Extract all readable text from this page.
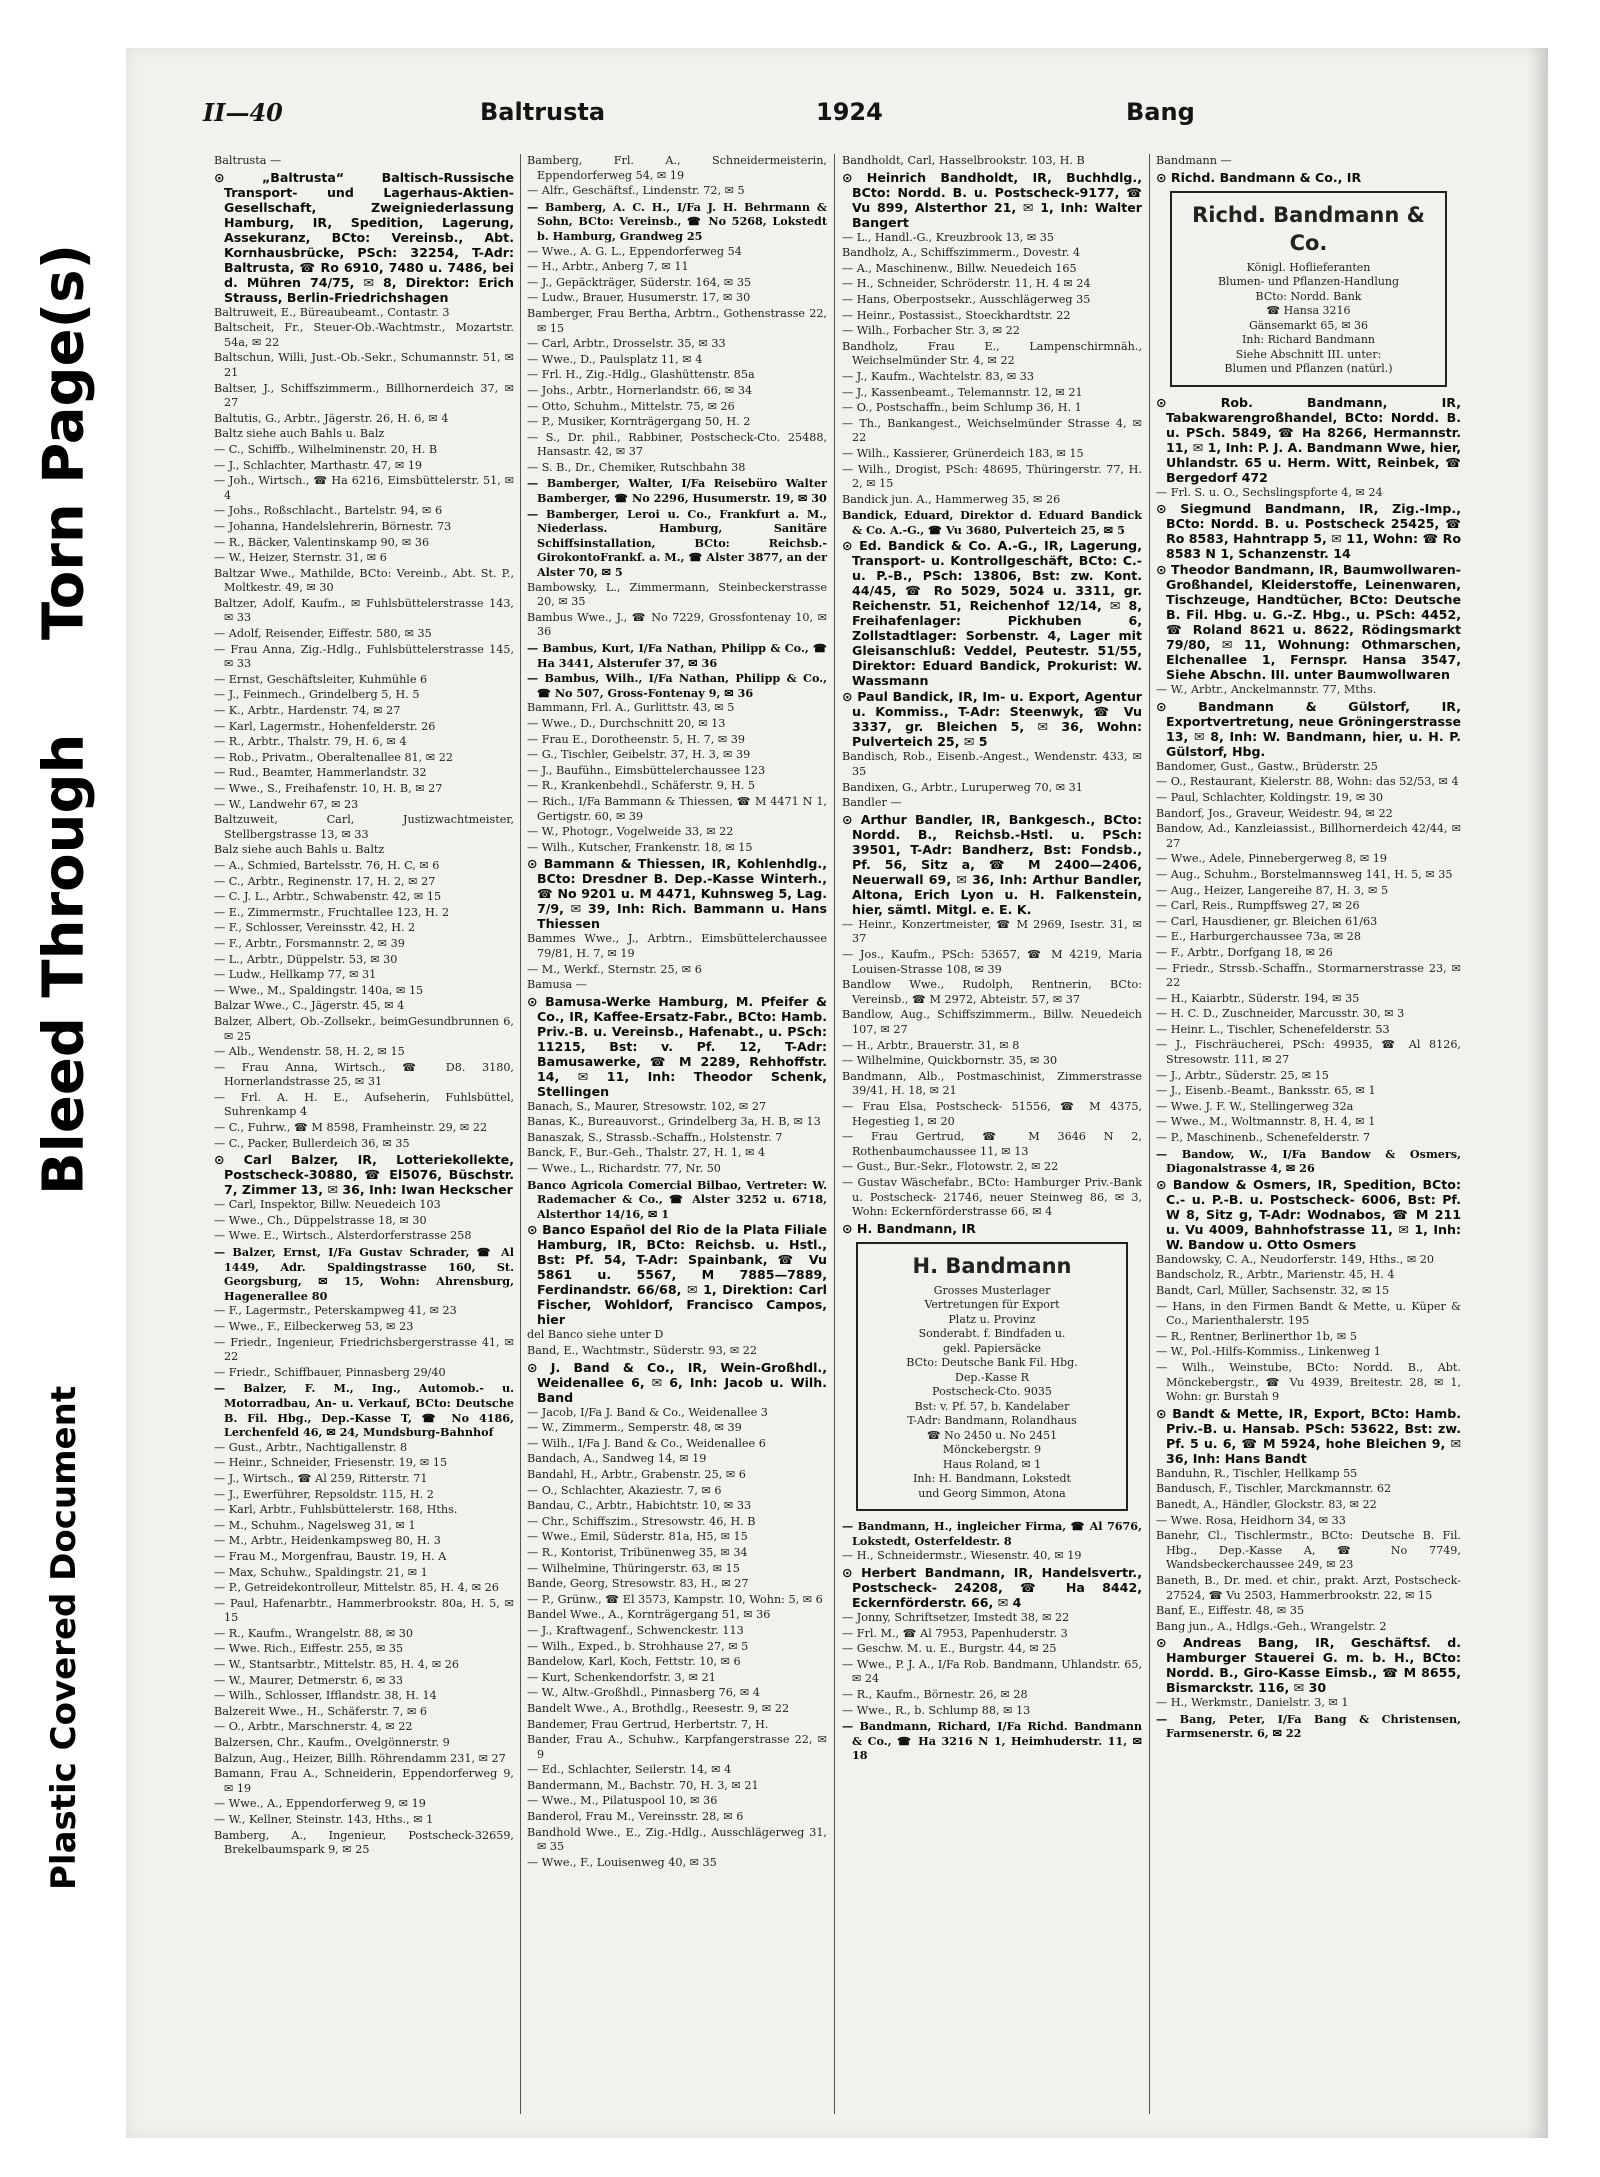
Torn Page(s)
Bleed Through
Plastic Covered Document
II—40	Baltrusta	1924	Bang
Baltrusta —
⊙ „Baltrusta“ Baltisch-Russische Transport- und Lagerhaus-Aktien-Gesellschaft, Zweigniederlassung Hamburg, IR, Spedition, Lagerung, Assekuranz, BCto: Vereinsb., Abt. Kornhausbrücke, PSch: 32254, T-Adr: Baltrusta, ☎ Ro 6910, 7480 u. 7486, bei d. Mühren 74/75, ✉ 8, Direktor: Erich Strauss, Berlin-Friedrichshagen
Baltruweit, E., Büreaubeamt., Contastr. 3
Baltscheit, Fr., Steuer-Ob.-Wachtmstr., Mozartstr. 54a, ✉ 22
Baltschun, Willi, Just.-Ob.-Sekr., Schumannstr. 51, ✉ 21
Baltser, J., Schiffszimmerm., Billhornerdeich 37, ✉ 27
Baltutis, G., Arbtr., Jägerstr. 26, H. 6, ✉ 4
Baltz siehe auch Bahls u. Balz
— C., Schiffb., Wilhelminenstr. 20, H. B
— J., Schlachter, Marthastr. 47, ✉ 19
— Joh., Wirtsch., ☎ Ha 6216, Eimsbüttelerstr. 51, ✉ 4
— Johs., Roßschlacht., Bartelstr. 94, ✉ 6
— Johanna, Handelslehrerin, Börnestr. 73
— R., Bäcker, Valentinskamp 90, ✉ 36
— W., Heizer, Sternstr. 31, ✉ 6
Baltzar Wwe., Mathilde, BCto: Vereinb., Abt. St. P., Moltkestr. 49, ✉ 30
Baltzer, Adolf, Kaufm., ✉ Fuhlsbüttelerstrasse 143, ✉ 33
— Adolf, Reisender, Eiffestr. 580, ✉ 35
— Frau Anna, Zig.-Hdlg., Fuhlsbüttelerstrasse 145, ✉ 33
— Ernst, Geschäftsleiter, Kuhmühle 6
— J., Feinmech., Grindelberg 5, H. 5
— K., Arbtr., Hardenstr. 74, ✉ 27
— Karl, Lagermstr., Hohenfelderstr. 26
— R., Arbtr., Thalstr. 79, H. 6, ✉ 4
— Rob., Privatm., Oberaltenallee 81, ✉ 22
— Rud., Beamter, Hammerlandstr. 32
— Wwe., S., Freihafenstr. 10, H. B, ✉ 27
— W., Landwehr 67, ✉ 23
Baltzuweit, Carl, Justizwachtmeister, Stellbergstrasse 13, ✉ 33
Balz siehe auch Bahls u. Baltz
— A., Schmied, Bartelsstr. 76, H. C, ✉ 6
— C., Arbtr., Reginenstr. 17, H. 2, ✉ 27
— C. J. L., Arbtr., Schwabenstr. 42, ✉ 15
— E., Zimmermstr., Fruchtallee 123, H. 2
— F., Schlosser, Vereinsstr. 42, H. 2
— F., Arbtr., Forsmannstr. 2, ✉ 39
— L., Arbtr., Düppelstr. 53, ✉ 30
— Ludw., Hellkamp 77, ✉ 31
— Wwe., M., Spaldingstr. 140a, ✉ 15
Balzar Wwe., C., Jägerstr. 45, ✉ 4
Balzer, Albert, Ob.-Zollsekr., beimGesundbrunnen 6, ✉ 25
— Alb., Wendenstr. 58, H. 2, ✉ 15
— Frau Anna, Wirtsch., ☎ D8. 3180, Hornerlandstrasse 25, ✉ 31
— Frl. A. H. E., Aufseherin, Fuhlsbüttel, Suhrenkamp 4
— C., Fuhrw., ☎ M 8598, Framheinstr. 29, ✉ 22
— C., Packer, Bullerdeich 36, ✉ 35
⊙ Carl Balzer, IR, Lotteriekollekte, Postscheck-30880, ☎ El5076, Büschstr. 7, Zimmer 13, ✉ 36, Inh: Iwan Heckscher
— Carl, Inspektor, Billw. Neuedeich 103
— Wwe., Ch., Düppelstrasse 18, ✉ 30
— Wwe. E., Wirtsch., Alsterdorferstrasse 258
— Balzer, Ernst, I/Fa Gustav Schrader, ☎ Al 1449, Adr. Spaldingstrasse 160, St. Georgsburg, ✉ 15, Wohn: Ahrensburg, Hagenerallee 80
— F., Lagermstr., Peterskampweg 41, ✉ 23
— Wwe., F., Eilbeckerweg 53, ✉ 23
— Friedr., Ingenieur, Friedrichsbergerstrasse 41, ✉ 22
— Friedr., Schiffbauer, Pinnasberg 29/40
— Balzer, F. M., Ing., Automob.- u. Motorradbau, An- u. Verkauf, BCto: Deutsche B. Fil. Hbg., Dep.-Kasse T, ☎ No 4186, Lerchenfeld 46, ✉ 24, Mundsburg-Bahnhof
— Gust., Arbtr., Nachtigallenstr. 8
— Heinr., Schneider, Friesenstr. 19, ✉ 15
— J., Wirtsch., ☎ Al 259, Ritterstr. 71
— J., Ewerführer, Repsoldstr. 115, H. 2
— Karl, Arbtr., Fuhlsbüttelerstr. 168, Hths.
— M., Schuhm., Nagelsweg 31, ✉ 1
— M., Arbtr., Heidenkampsweg 80, H. 3
— Frau M., Morgenfrau, Baustr. 19, H. A
— Max, Schuhw., Spaldingstr. 21, ✉ 1
— P., Getreidekontrolleur, Mittelstr. 85, H. 4, ✉ 26
— Paul, Hafenarbtr., Hammerbrookstr. 80a, H. 5, ✉ 15
— R., Kaufm., Wrangelstr. 88, ✉ 30
— Wwe. Rich., Eiffestr. 255, ✉ 35
— W., Stantsarbtr., Mittelstr. 85, H. 4, ✉ 26
— W., Maurer, Detmerstr. 6, ✉ 33
— Wilh., Schlosser, Ifflandstr. 38, H. 14
Balzereit Wwe., H., Schäferstr. 7, ✉ 6
— O., Arbtr., Marschnerstr. 4, ✉ 22
Balzersen, Chr., Kaufm., Ovelgönnerstr. 9
Balzun, Aug., Heizer, Billh. Röhrendamm 231, ✉ 27
Bamann, Frau A., Schneiderin, Eppendorferweg 9, ✉ 19
— Wwe., A., Eppendorferweg 9, ✉ 19
— W., Kellner, Steinstr. 143, Hths., ✉ 1
Bamberg, A., Ingenieur, Postscheck-32659, Brekelbaumspark 9, ✉ 25
Bamberg, Frl. A., Schneidermeisterin, Eppendorferweg 54, ✉ 19
— Alfr., Geschäftsf., Lindenstr. 72, ✉ 5
— Bamberg, A. C. H., I/Fa J. H. Behrmann & Sohn, BCto: Vereinsb., ☎ No 5268, Lokstedt b. Hamburg, Grandweg 25
— Wwe., A. G. L., Eppendorferweg 54
— H., Arbtr., Anberg 7, ✉ 11
— J., Gepäckträger, Süderstr. 164, ✉ 35
— Ludw., Brauer, Husumerstr. 17, ✉ 30
Bamberger, Frau Bertha, Arbtrn., Gothenstrasse 22, ✉ 15
— Carl, Arbtr., Drosselstr. 35, ✉ 33
— Wwe., D., Paulsplatz 11, ✉ 4
— Frl. H., Zig.-Hdlg., Glashüttenstr. 85a
— Johs., Arbtr., Hornerlandstr. 66, ✉ 34
— Otto, Schuhm., Mittelstr. 75, ✉ 26
— P., Musiker, Kornträgergang 50, H. 2
— S., Dr. phil., Rabbiner, Postscheck-Cto. 25488, Hansastr. 42, ✉ 37
— S. B., Dr., Chemiker, Rutschbahn 38
— Bamberger, Walter, I/Fa Reisebüro Walter Bamberger, ☎ No 2296, Husumerstr. 19, ✉ 30
— Bamberger, Leroi u. Co., Frankfurt a. M., Niederlass. Hamburg, Sanitäre Schiffsinstallation, BCto: Reichsb.-GirokontoFrankf. a. M., ☎ Alster 3877, an der Alster 70, ✉ 5
Bambowsky, L., Zimmermann, Steinbeckerstrasse 20, ✉ 35
Bambus Wwe., J., ☎ No 7229, Grossfontenay 10, ✉ 36
— Bambus, Kurt, I/Fa Nathan, Philipp & Co., ☎ Ha 3441, Alsterufer 37, ✉ 36
— Bambus, Wilh., I/Fa Nathan, Philipp & Co., ☎ No 507, Gross-Fontenay 9, ✉ 36
Bammann, Frl. A., Gurlittstr. 43, ✉ 5
— Wwe., D., Durchschnitt 20, ✉ 13
— Frau E., Dorotheenstr. 5, H. 7, ✉ 39
— G., Tischler, Geibelstr. 37, H. 3, ✉ 39
— J., Baufühn., Eimsbüttelerchaussee 123
— R., Krankenbehdl., Schäferstr. 9, H. 5
— Rich., I/Fa Bammann & Thiessen, ☎ M 4471 N 1, Gertigstr. 60, ✉ 39
— W., Photogr., Vogelweide 33, ✉ 22
— Wilh., Kutscher, Frankenstr. 18, ✉ 15
⊙ Bammann & Thiessen, IR, Kohlenhdlg., BCto: Dresdner B. Dep.-Kasse Winterh., ☎ No 9201 u. M 4471, Kuhnsweg 5, Lag. 7/9, ✉ 39, Inh: Rich. Bammann u. Hans Thiessen
Bammes Wwe., J., Arbtrn., Eimsbüttelerchaussee 79/81, H. 7, ✉ 19
— M., Werkf., Sternstr. 25, ✉ 6
Bamusa —
⊙ Bamusa-Werke Hamburg, M. Pfeifer & Co., IR, Kaffee-Ersatz-Fabr., BCto: Hamb. Priv.-B. u. Vereinsb., Hafenabt., u. PSch: 11215, Bst: v. Pf. 12, T-Adr: Bamusawerke, ☎ M 2289, Rehhoffstr. 14, ✉ 11, Inh: Theodor Schenk, Stellingen
Banach, S., Maurer, Stresowstr. 102, ✉ 27
Banas, K., Bureauvorst., Grindelberg 3a, H. B, ✉ 13
Banaszak, S., Strassb.-Schaffn., Holstenstr. 7
Banck, F., Bur.-Geh., Thalstr. 27, H. 1, ✉ 4
— Wwe., L., Richardstr. 77, Nr. 50
Banco Agricola Comercial Bilbao, Vertreter: W. Rademacher & Co., ☎ Alster 3252 u. 6718, Alsterthor 14/16, ✉ 1
⊙ Banco Español del Rio de la Plata Filiale Hamburg, IR, BCto: Reichsb. u. Hstl., Bst: Pf. 54, T-Adr: Spainbank, ☎ Vu 5861 u. 5567, M 7885—7889, Ferdinandstr. 66/68, ✉ 1, Direktion: Carl Fischer, Wohldorf, Francisco Campos, hier
del Banco siehe unter D
Band, E., Wachtmstr., Süderstr. 93, ✉ 22
⊙ J. Band & Co., IR, Wein-Großhdl., Weidenallee 6, ✉ 6, Inh: Jacob u. Wilh. Band
— Jacob, I/Fa J. Band & Co., Weidenallee 3
— W., Zimmerm., Semperstr. 48, ✉ 39
— Wilh., I/Fa J. Band & Co., Weidenallee 6
Bandach, A., Sandweg 14, ✉ 19
Bandahl, H., Arbtr., Grabenstr. 25, ✉ 6
— O., Schlachter, Akaziestr. 7, ✉ 6
Bandau, C., Arbtr., Habichtstr. 10, ✉ 33
— Chr., Schiffszim., Stresowstr. 46, H. B
— Wwe., Emil, Süderstr. 81a, H5, ✉ 15
— R., Kontorist, Tribünenweg 35, ✉ 34
— Wilhelmine, Thüringerstr. 63, ✉ 15
Bande, Georg, Stresowstr. 83, H., ✉ 27
— P., Grünw., ☎ El 3573, Kampstr. 10, Wohn: 5, ✉ 6
Bandel Wwe., A., Kornträgergang 51, ✉ 36
— J., Kraftwagenf., Schwenckestr. 113
— Wilh., Exped., b. Strohhause 27, ✉ 5
Bandelow, Karl, Koch, Fettstr. 10, ✉ 6
— Kurt, Schenkendorfstr. 3, ✉ 21
— W., Altw.-Großhdl., Pinnasberg 76, ✉ 4
Bandelt Wwe., A., Brothdlg., Reesestr. 9, ✉ 22
Bandemer, Frau Gertrud, Herbertstr. 7, H.
Bander, Frau A., Schuhw., Karpfangerstrasse 22, ✉ 9
— Ed., Schlachter, Seilerstr. 14, ✉ 4
Bandermann, M., Bachstr. 70, H. 3, ✉ 21
— Wwe., M., Pilatuspool 10, ✉ 36
Banderol, Frau M., Vereinsstr. 28, ✉ 6
Bandhold Wwe., E., Zig.-Hdlg., Ausschlägerweg 31, ✉ 35
— Wwe., F., Louisenweg 40, ✉ 35
Bandholdt, Carl, Hasselbrookstr. 103, H. B
⊙ Heinrich Bandholdt, IR, Buchhdlg., BCto: Nordd. B. u. Postscheck-9177, ☎ Vu 899, Alsterthor 21, ✉ 1, Inh: Walter Bangert
— L., Handl.-G., Kreuzbrook 13, ✉ 35
Bandholz, A., Schiffszimmerm., Dovestr. 4
— A., Maschinenw., Billw. Neuedeich 165
— H., Schneider, Schröderstr. 11, H. 4 ✉ 24
— Hans, Oberpostsekr., Ausschlägerweg 35
— Heinr., Postassist., Stoeckhardtstr. 22
— Wilh., Forbacher Str. 3, ✉ 22
Bandholz, Frau E., Lampenschirmnäh., Weichselmünder Str. 4, ✉ 22
— J., Kaufm., Wachtelstr. 83, ✉ 33
— J., Kassenbeamt., Telemannstr. 12, ✉ 21
— O., Postschaffn., beim Schlump 36, H. 1
— Th., Bankangest., Weichselmünder Strasse 4, ✉ 22
— Wilh., Kassierer, Grünerdeich 183, ✉ 15
— Wilh., Drogist, PSch: 48695, Thüringerstr. 77, H. 2, ✉ 15
Bandick jun. A., Hammerweg 35, ✉ 26
Bandick, Eduard, Direktor d. Eduard Bandick & Co. A.-G., ☎ Vu 3680, Pulverteich 25, ✉ 5
⊙ Ed. Bandick & Co. A.-G., IR, Lagerung, Transport- u. Kontrollgeschäft, BCto: C.- u. P.-B., PSch: 13806, Bst: zw. Kont. 44/45, ☎ Ro 5029, 5024 u. 3311, gr. Reichenstr. 51, Reichenhof 12/14, ✉ 8, Freihafenlager: Pickhuben 6, Zollstadtlager: Sorbenstr. 4, Lager mit Gleisanschluß: Veddel, Peutestr. 51/55, Direktor: Eduard Bandick, Prokurist: W. Wassmann
⊙ Paul Bandick, IR, Im- u. Export, Agentur u. Kommiss., T-Adr: Steenwyk, ☎ Vu 3337, gr. Bleichen 5, ✉ 36, Wohn: Pulverteich 25, ✉ 5
Bandisch, Rob., Eisenb.-Angest., Wendenstr. 433, ✉ 35
Bandixen, G., Arbtr., Luruperweg 70, ✉ 31
Bandler —
⊙ Arthur Bandler, IR, Bankgesch., BCto: Nordd. B., Reichsb.-Hstl. u. PSch: 39501, T-Adr: Bandherz, Bst: Fondsb., Pf. 56, Sitz a, ☎ M 2400—2406, Neuerwall 69, ✉ 36, Inh: Arthur Bandler, Altona, Erich Lyon u. H. Falkenstein, hier, sämtl. Mitgl. e. E. K.
— Heinr., Konzertmeister, ☎ M 2969, Isestr. 31, ✉ 37
— Jos., Kaufm., PSch: 53657, ☎ M 4219, Maria Louisen-Strasse 108, ✉ 39
Bandlow Wwe., Rudolph, Rentnerin, BCto: Vereinsb., ☎ M 2972, Abteistr. 57, ✉ 37
Bandlow, Aug., Schiffszimmerm., Billw. Neuedeich 107, ✉ 27
— H., Arbtr., Brauerstr. 31, ✉ 8
— Wilhelmine, Quickbornstr. 35, ✉ 30
Bandmann, Alb., Postmaschinist, Zimmerstrasse 39/41, H. 18, ✉ 21
— Frau Elsa, Postscheck- 51556, ☎ M 4375, Hegestieg 1, ✉ 20
— Frau Gertrud, ☎ M 3646 N 2, Rothenbaumchaussee 11, ✉ 13
— Gust., Bur.-Sekr., Flotowstr. 2, ✉ 22
— Gustav Wäschefabr., BCto: Hamburger Priv.-Bank u. Postscheck- 21746, neuer Steinweg 86, ✉ 3, Wohn: Eckernförderstrasse 66, ✉ 4
⊙ H. Bandmann, IR
H. Bandmann
Grosses Musterlager
Vertretungen für Export
Platz u. Provinz
Sonderabt. f. Bindfaden u.
gekl. Papiersäcke
BCto: Deutsche Bank Fil. Hbg.
Dep.-Kasse R
Postscheck-Cto. 9035
Bst: v. Pf. 57, b. Kandelaber
T-Adr: Bandmann, Rolandhaus
☎ No 2450 u. No 2451
Mönckebergstr. 9
Haus Roland, ✉ 1
Inh: H. Bandmann, Lokstedt
und Georg Simmon, Atona
— Bandmann, H., ingleicher Firma, ☎ Al 7676, Lokstedt, Osterfeldestr. 8
— H., Schneidermstr., Wiesenstr. 40, ✉ 19
⊙ Herbert Bandmann, IR, Handelsvertr., Postscheck- 24208, ☎ Ha 8442, Eckernförderstr. 66, ✉ 4
— Jonny, Schriftsetzer, Imstedt 38, ✉ 22
— Frl. M., ☎ Al 7953, Papenhuderstr. 3
— Geschw. M. u. E., Burgstr. 44, ✉ 25
— Wwe., P. J. A., I/Fa Rob. Bandmann, Uhlandstr. 65, ✉ 24
— R., Kaufm., Börnestr. 26, ✉ 28
— Wwe., R., b. Schlump 88, ✉ 13
— Bandmann, Richard, I/Fa Richd. Bandmann & Co., ☎ Ha 3216 N 1, Heimhuderstr. 11, ✉ 18
Bandmann —
⊙ Richd. Bandmann & Co., IR
Richd. Bandmann & Co.
Königl. Hoflieferanten
Blumen- und Pflanzen-Handlung
BCto: Nordd. Bank
☎ Hansa 3216
Gänsemarkt 65, ✉ 36
Inh: Richard Bandmann
Siehe Abschnitt III. unter:
Blumen und Pflanzen (natürl.)
⊙ Rob. Bandmann, IR, Tabakwarengroßhandel, BCto: Nordd. B. u. PSch. 5849, ☎ Ha 8266, Hermannstr. 11, ✉ 1, Inh: P. J. A. Bandmann Wwe, hier, Uhlandstr. 65 u. Herm. Witt, Reinbek, ☎ Bergedorf 472
— Frl. S. u. O., Sechslingspforte 4, ✉ 24
⊙ Siegmund Bandmann, IR, Zig.-Imp., BCto: Nordd. B. u. Postscheck 25425, ☎ Ro 8583, Hahntrapp 5, ✉ 11, Wohn: ☎ Ro 8583 N 1, Schanzenstr. 14
⊙ Theodor Bandmann, IR, Baumwollwaren-Großhandel, Kleiderstoffe, Leinenwaren, Tischzeuge, Handtücher, BCto: Deutsche B. Fil. Hbg. u. G.-Z. Hbg., u. PSch: 4452, ☎ Roland 8621 u. 8622, Rödingsmarkt 79/80, ✉ 11, Wohnung: Othmarschen, Elchenallee 1, Fernspr. Hansa 3547, Siehe Abschn. III. unter Baumwollwaren
— W., Arbtr., Anckelmannstr. 77, Mths.
⊙ Bandmann & Gülstorf, IR, Exportvertretung, neue Gröningerstrasse 13, ✉ 8, Inh: W. Bandmann, hier, u. H. P. Gülstorf, Hbg.
Bandomer, Gust., Gastw., Brüderstr. 25
— O., Restaurant, Kielerstr. 88, Wohn: das 52/53, ✉ 4
— Paul, Schlachter, Koldingstr. 19, ✉ 30
Bandorf, Jos., Graveur, Weidestr. 94, ✉ 22
Bandow, Ad., Kanzleiassist., Billhornerdeich 42/44, ✉ 27
— Wwe., Adele, Pinnebergerweg 8, ✉ 19
— Aug., Schuhm., Borstelmannsweg 141, H. 5, ✉ 35
— Aug., Heizer, Langereihe 87, H. 3, ✉ 5
— Carl, Reis., Rumpffsweg 27, ✉ 26
— Carl, Hausdiener, gr. Bleichen 61/63
— E., Harburgerchaussee 73a, ✉ 28
— F., Arbtr., Dorfgang 18, ✉ 26
— Friedr., Strssb.-Schaffn., Stormarnerstrasse 23, ✉ 22
— H., Kaiarbtr., Süderstr. 194, ✉ 35
— H. C. D., Zuschneider, Marcusstr. 30, ✉ 3
— Heinr. L., Tischler, Schenefelderstr. 53
— J., Fischräucherei, PSch: 49935, ☎ Al 8126, Stresowstr. 111, ✉ 27
— J., Arbtr., Süderstr. 25, ✉ 15
— J., Eisenb.-Beamt., Banksstr. 65, ✉ 1
— Wwe. J. F. W., Stellingerweg 32a
— Wwe., M., Woltmannstr. 8, H. 4, ✉ 1
— P., Maschinenb., Schenefelderstr. 7
— Bandow, W., I/Fa Bandow & Osmers, Diagonalstrasse 4, ✉ 26
⊙ Bandow & Osmers, IR, Spedition, BCto: C.- u. P.-B. u. Postscheck- 6006, Bst: Pf. W 8, Sitz g, T-Adr: Wodnabos, ☎ M 211 u. Vu 4009, Bahnhofstrasse 11, ✉ 1, Inh: W. Bandow u. Otto Osmers
Bandowsky, C. A., Neudorferstr. 149, Hths., ✉ 20
Bandscholz, R., Arbtr., Marienstr. 45, H. 4
Bandt, Carl, Müller, Sachsenstr. 32, ✉ 15
— Hans, in den Firmen Bandt & Mette, u. Küper & Co., Marienthalerstr. 195
— R., Rentner, Berlinerthor 1b, ✉ 5
— W., Pol.-Hilfs-Kommiss., Linkenweg 1
— Wilh., Weinstube, BCto: Nordd. B., Abt. Mönckebergstr., ☎ Vu 4939, Breitestr. 28, ✉ 1, Wohn: gr. Burstah 9
⊙ Bandt & Mette, IR, Export, BCto: Hamb. Priv.-B. u. Hansab. PSch: 53622, Bst: zw. Pf. 5 u. 6, ☎ M 5924, hohe Bleichen 9, ✉ 36, Inh: Hans Bandt
Banduhn, R., Tischler, Hellkamp 55
Bandusch, F., Tischler, Marckmannstr. 62
Banedt, A., Händler, Glockstr. 83, ✉ 22
— Wwe. Rosa, Heidhorn 34, ✉ 33
Banehr, Cl., Tischlermstr., BCto: Deutsche B. Fil. Hbg., Dep.-Kasse A, ☎ No 7749, Wandsbeckerchaussee 249, ✉ 23
Baneth, B., Dr. med. et chir., prakt. Arzt, Postscheck- 27524, ☎ Vu 2503, Hammerbrookstr. 22, ✉ 15
Banf, E., Eiffestr. 48, ✉ 35
Bang jun., A., Hdlgs.-Geh., Wrangelstr. 2
⊙ Andreas Bang, IR, Geschäftsf. d. Hamburger Stauerei G. m. b. H., BCto: Nordd. B., Giro-Kasse Eimsb., ☎ M 8655, Bismarckstr. 116, ✉ 30
— H., Werkmstr., Danielstr. 3, ✉ 1
— Bang, Peter, I/Fa Bang & Christensen, Farmsenerstr. 6, ✉ 22
